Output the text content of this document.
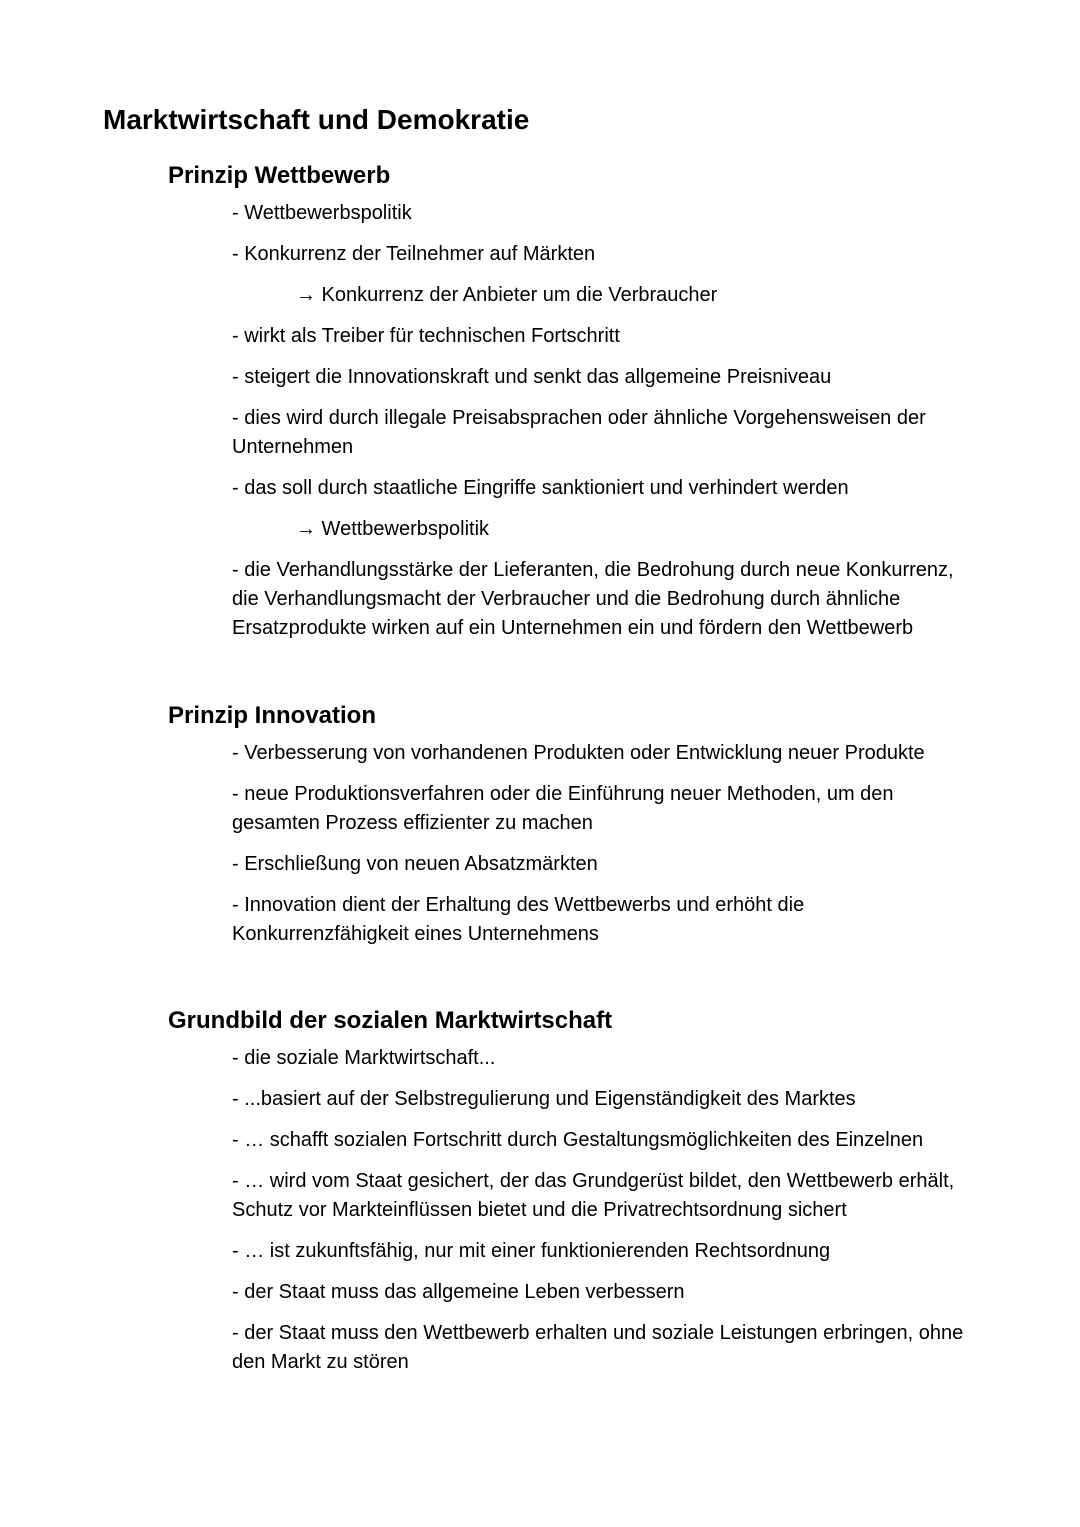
Marktwirtschaft und Demokratie
Prinzip Wettbewerb
- Wettbewerbspolitik
- Konkurrenz der Teilnehmer auf Märkten
→ Konkurrenz der Anbieter um die Verbraucher
- wirkt als Treiber für technischen Fortschritt
- steigert die Innovationskraft und senkt das allgemeine Preisniveau
- dies wird durch illegale Preisabsprachen oder ähnliche Vorgehensweisen der Unternehmen
- das soll durch staatliche Eingriffe sanktioniert und verhindert werden
→ Wettbewerbspolitik
- die Verhandlungsstärke der Lieferanten, die Bedrohung durch neue Konkurrenz, die Verhandlungsmacht der Verbraucher und die Bedrohung durch ähnliche Ersatzprodukte wirken auf ein Unternehmen ein und fördern den Wettbewerb
Prinzip Innovation
- Verbesserung von vorhandenen Produkten oder Entwicklung neuer Produkte
- neue Produktionsverfahren oder die Einführung neuer Methoden, um den gesamten Prozess effizienter zu machen
- Erschließung von neuen Absatzmärkten
- Innovation dient der Erhaltung des Wettbewerbs und erhöht die Konkurrenzfähigkeit eines Unternehmens
Grundbild der sozialen Marktwirtschaft
- die soziale Marktwirtschaft...
- ...basiert auf der Selbstregulierung und Eigenständigkeit des Marktes
- … schafft sozialen Fortschritt durch Gestaltungsmöglichkeiten des Einzelnen
- … wird vom Staat gesichert, der das Grundgerüst bildet, den Wettbewerb erhält, Schutz vor Markteinflüssen bietet und die Privatrechtsordnung sichert
- … ist zukunftsfähig, nur mit einer funktionierenden Rechtsordnung
- der Staat muss das allgemeine Leben verbessern
- der Staat muss den Wettbewerb erhalten und soziale Leistungen erbringen, ohne den Markt zu stören
